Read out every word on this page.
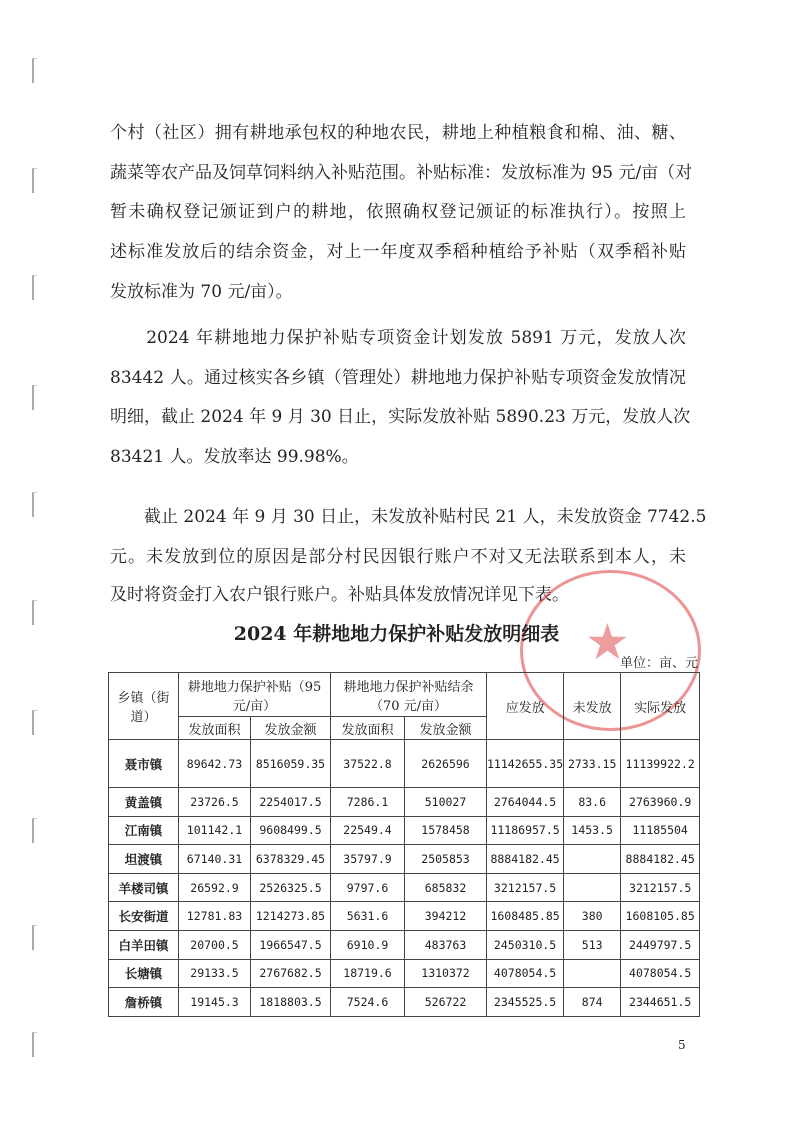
个村（社区）拥有耕地承包权的种地农民，耕地上种植粮食和棉、油、糖、
蔬菜等农产品及饲草饲料纳入补贴范围。补贴标准：发放标准为 95 元/亩（对
暂未确权登记颁证到户的耕地，依照确权登记颁证的标准执行）。按照上
述标准发放后的结余资金，对上一年度双季稻种植给予补贴（双季稻补贴
发放标准为 70 元/亩）。
　　2024 年耕地地力保护补贴专项资金计划发放 5891 万元，发放人次
83442 人。通过核实各乡镇（管理处）耕地地力保护补贴专项资金发放情况
明细，截止 2024 年 9 月 30 日止，实际发放补贴 5890.23 万元，发放人次
83421 人。发放率达 99.98%。
　　截止 2024 年 9 月 30 日止，未发放补贴村民 21 人，未发放资金 7742.5
元。未发放到位的原因是部分村民因银行账户不对又无法联系到本人，未
及时将资金打入农户银行账户。补贴具体发放情况详见下表。
★
2024 年耕地地力保护补贴发放明细表
单位：亩、元
乡镇（街道）	耕地地力保护补贴（95 元/亩）		耕地地力保护补贴结余（70 元/亩）		应发放	未发放	实际发放
	发放面积	发放金额	发放面积	发放金额			
聂市镇	89642.73	8516059.35	37522.8	2626596	11142655.35	2733.15	11139922.2
黄盖镇	23726.5	2254017.5	7286.1	510027	2764044.5	83.6	2763960.9
江南镇	101142.1	9608499.5	22549.4	1578458	11186957.5	1453.5	11185504
坦渡镇	67140.31	6378329.45	35797.9	2505853	8884182.45		8884182.45
羊楼司镇	26592.9	2526325.5	9797.6	685832	3212157.5		3212157.5
长安街道	12781.83	1214273.85	5631.6	394212	1608485.85	380	1608105.85
白羊田镇	20700.5	1966547.5	6910.9	483763	2450310.5	513	2449797.5
长塘镇	29133.5	2767682.5	18719.6	1310372	4078054.5		4078054.5
詹桥镇	19145.3	1818803.5	7524.6	526722	2345525.5	874	2344651.5
5
